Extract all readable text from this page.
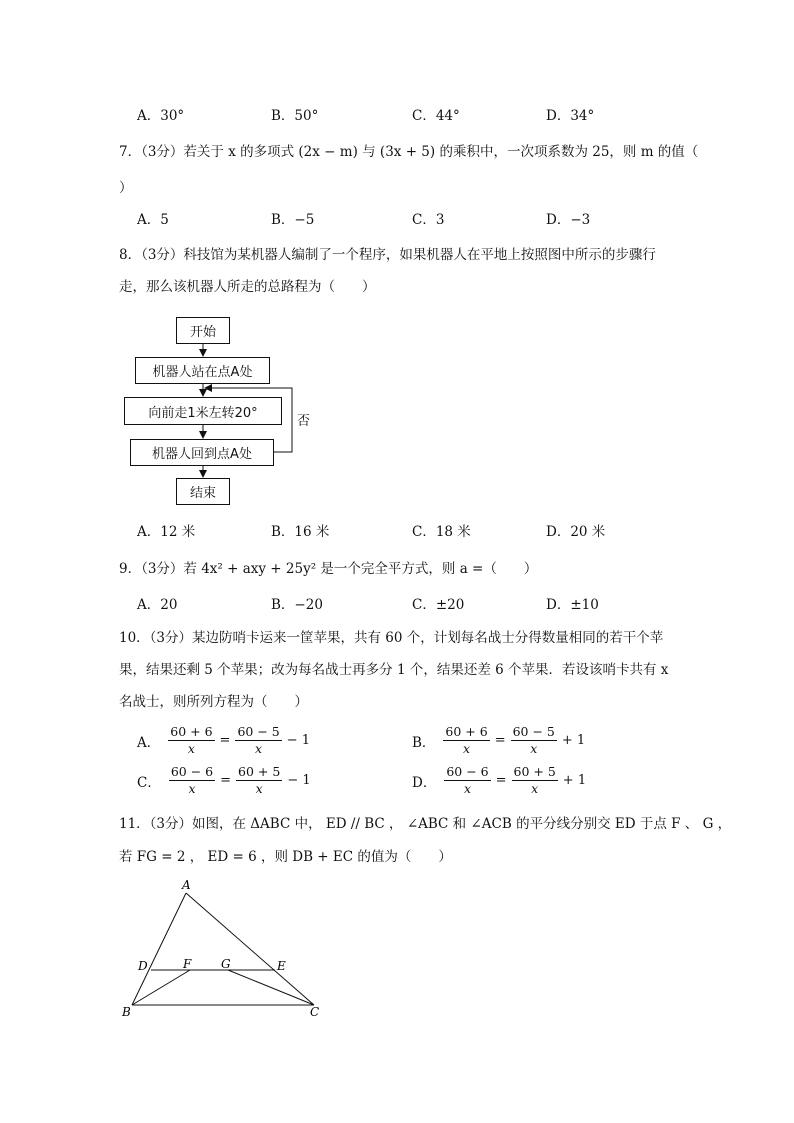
A．30°	B．50°	C．44°	D．34°
7．（3分）若关于 x 的多项式 (2x − m) 与 (3x + 5) 的乘积中，一次项系数为 25，则 m 的值（
）
A．5	B．−5	C．3	D．−3
8．（3分）科技馆为某机器人编制了一个程序，如果机器人在平地上按照图中所示的步骤行
走，那么该机器人所走的总路程为（　　）
开始
机器人站在点A处
向前走1米左转20°
机器人回到点A处
结束
否
A．12 米	B．16 米	C．18 米	D．20 米
9．（3分）若 4x² + axy + 25y² 是一个完全平方式，则 a =（　　）
A．20	B．−20	C．±20	D．±10
10．（3分）某边防哨卡运来一筐苹果，共有 60 个，计划每名战士分得数量相同的若干个苹
果，结果还剩 5 个苹果；改为每名战士再多分 1 个，结果还差 6 个苹果．若设该哨卡共有 x
名战士，则所列方程为（　　）
A． $\frac{60 + 6}{x} = \frac{60 - 5}{x} - 1$	B． $\frac{60 + 6}{x} = \frac{60 - 5}{x} + 1$
C． $\frac{60 - 6}{x} = \frac{60 + 5}{x} - 1$	D． $\frac{60 - 6}{x} = \frac{60 + 5}{x} + 1$
11．（3分）如图，在 ΔABC 中， ED // BC ， ∠ABC 和 ∠ACB 的平分线分别交 ED 于点 F 、 G ，
若 FG = 2 ， ED = 6 ，则 DB + EC 的值为（　　）
A
B	C
D	E
F G
